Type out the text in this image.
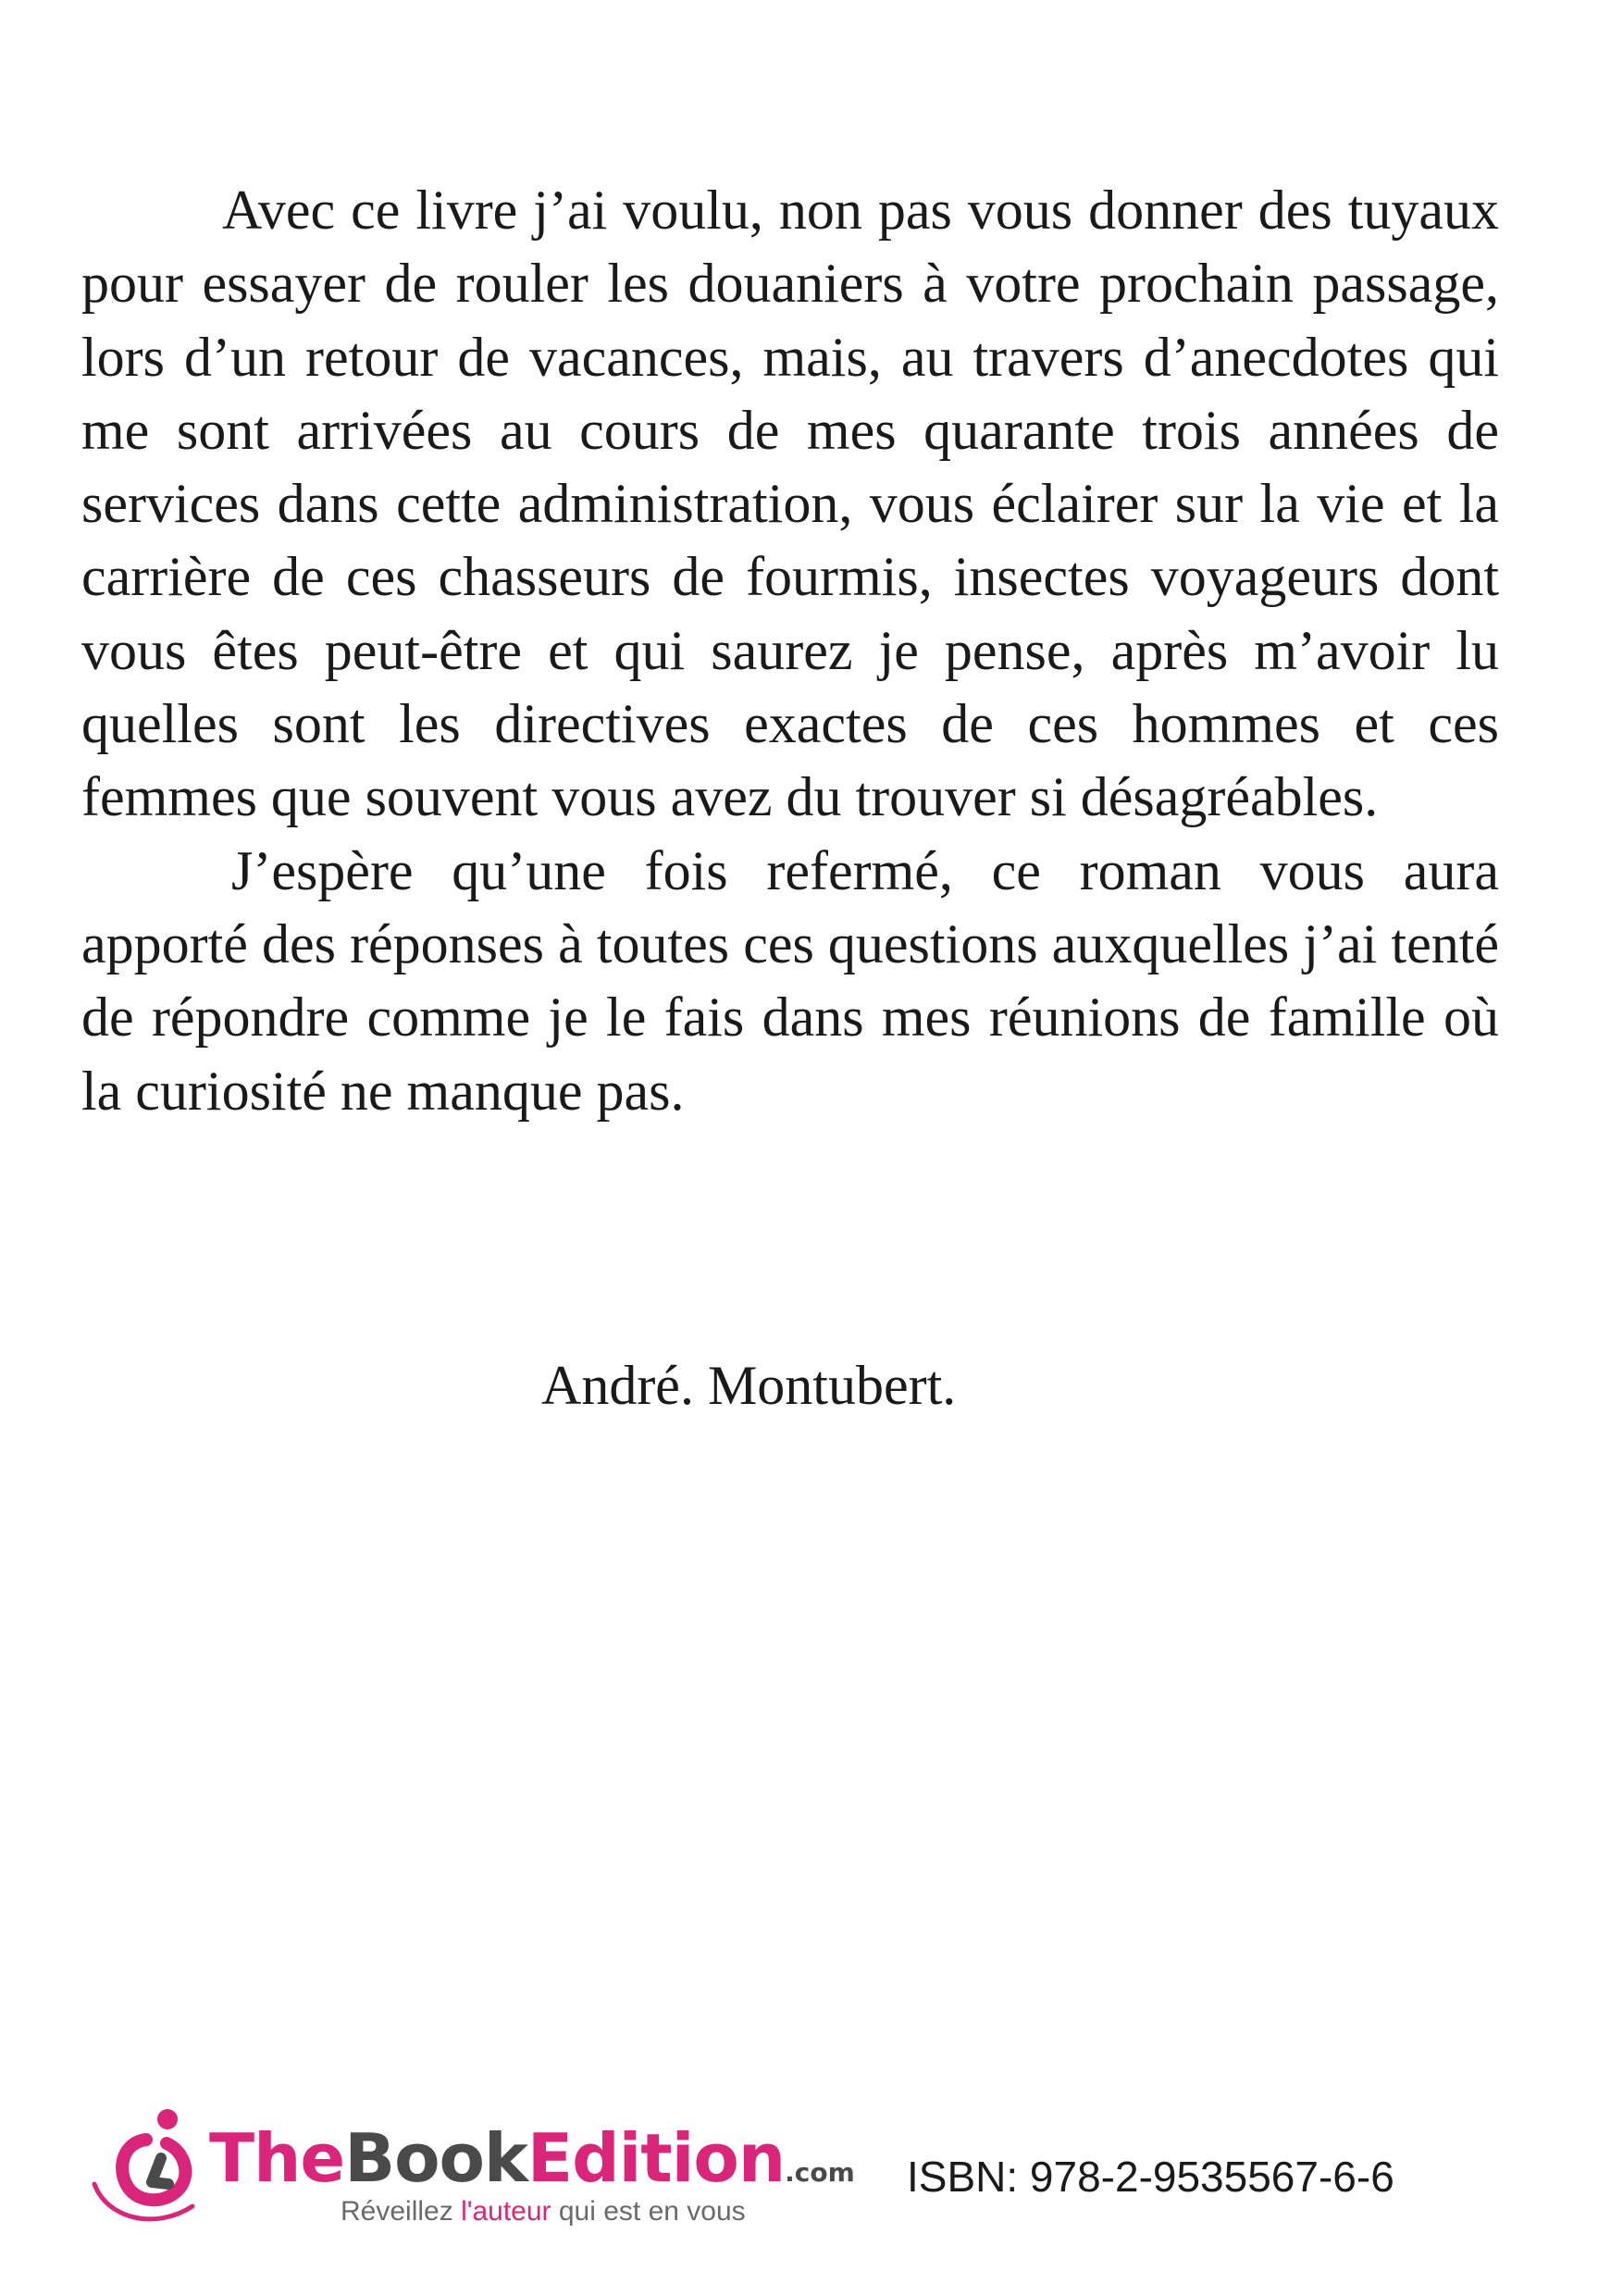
Avec ce livre j’ai voulu, non pas vous donner des tuyaux pour essayer de rouler les douaniers à votre prochain passage, lors d’un retour de vacances, mais, au travers d’anecdotes qui me sont arrivées au cours de mes quarante trois années de services dans cette administration, vous éclairer sur la vie et la carrière de ces chasseurs de fourmis, insectes voyageurs dont vous êtes peut-être et qui saurez je pense, après m’avoir lu quelles sont les directives exactes de ces hommes et ces femmes que souvent vous avez du trouver si désagréables.

J’espère qu’une fois refermé, ce roman vous aura apporté des réponses à toutes ces questions auxquelles j’ai tenté de répondre comme je le fais dans mes réunions de famille où la curiosité ne manque pas.

André. Montubert.
TheBookEdition.com
Réveillez l'auteur qui est en vous
ISBN: 978-2-9535567-6-6
